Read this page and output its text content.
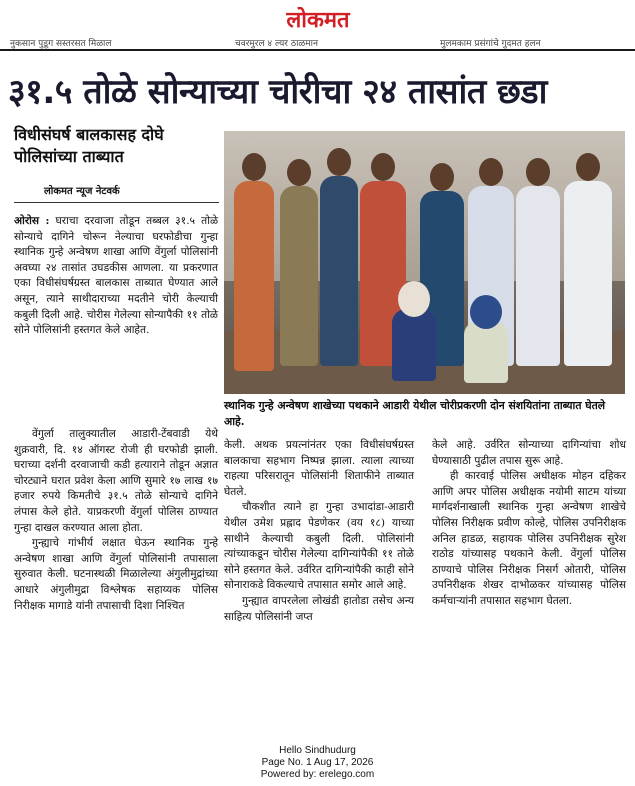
लोकमत
नुकसान पुडूग सस्तरसत मिळाल	चवरमुरल ४ ल्यर ठाळमान	मुलमकाम प्रसंगांचे गुदमत हलन
३१.५ तोळे सोन्याच्या चोरीचा २४ तासांत छडा
विधीसंघर्ष बालकासह दोघे पोलिसांच्या ताब्यात
लोकमत न्यूज नेटवर्क

ओरोस : घराचा दरवाजा तोडून तब्बल ३१.५ तोळे सोन्याचे दागिने चोरून नेल्याचा घरफोडीचा गुन्हा स्थानिक गुन्हे अन्वेषण शाखा आणि वेंगुर्ला पोलिसांनी अवघ्या २४ तासांत उघडकीस आणला. या प्रकरणात एका विधीसंघर्षग्रस्त बालकास ताब्यात घेण्यात आले असून, त्याने साथीदाराच्या मदतीने चोरी केल्याची कबुली दिली आहे. चोरीस गेलेल्या सोन्यापैकी ११ तोळे सोने पोलिसांनी हस्तगत केले आहेत.

वेंगुर्ला तालुक्यातील आडारी-टेंबवाडी येथे शुक्रवारी, दि. १४ ऑगस्ट रोजी ही घरफोडी झाली. घराच्या दर्शनी दरवाजाची कडी हत्याराने तोडून अज्ञात चोरट्याने घरात प्रवेश केला आणि सुमारे १७ लाख १७ हजार रुपये किमतीचे ३१.५ तोळे सोन्याचे दागिने लंपास केले होते. याप्रकरणी वेंगुर्ला पोलिस ठाण्यात गुन्हा दाखल करण्यात आला होता.

गुन्ह्याचे गांभीर्य लक्षात घेऊन स्थानिक गुन्हे अन्वेषण शाखा आणि वेंगुर्ला पोलिसांनी तपासाला सुरुवात केली. घटनास्थळी मिळालेल्या अंगुलीमुद्रांच्या आधारे अंगुलीमुद्रा विश्लेषक सहाय्यक पोलिस निरीक्षक मागाडे यांनी तपासाची दिशा निश्चित

स्थानिक गुन्हे अन्वेषण शाखेच्या पथकाने आडारी येथील चोरीप्रकरणी दोन संशयितांना ताब्यात घेतले आहे.

केली. अथक प्रयत्नांनंतर एका विधीसंघर्षग्रस्त बालकाचा सहभाग निष्पन्न झाला. त्याला त्याच्या राहत्या परिसरातून पोलिसांनी शिताफीने ताब्यात घेतले.

चौकशीत त्याने हा गुन्हा उभादांडा-आडारी येथील उमेश प्रह्लाद पेडणेकर (वय १८) याच्या साथीने केल्याची कबुली दिली. पोलिसांनी त्यांच्याकडून चोरीस गेलेल्या दागिन्यांपैकी ११ तोळे सोने हस्तगत केले. उर्वरित दागिन्यांपैकी काही सोने सोनाराकडे विकल्याचे तपासात समोर आले आहे.

गुन्ह्यात वापरलेला लोखंडी हातोडा तसेच अन्य साहित्य पोलिसांनी जप्त

केले आहे. उर्वरित सोन्याच्या दागिन्यांचा शोध घेण्यासाठी पुढील तपास सुरू आहे.

ही कारवाई पोलिस अधीक्षक मोहन दहिकर आणि अपर पोलिस अधीक्षक नयोमी साटम यांच्या मार्गदर्शनाखाली स्थानिक गुन्हा अन्वेषण शाखेचे पोलिस निरीक्षक प्रवीण कोल्हे, पोलिस उपनिरीक्षक अनिल हाडळ, सहायक पोलिस उपनिरीक्षक सुरेश राठोड यांच्यासह पथकाने केली. वेंगुर्ला पोलिस ठाण्याचे पोलिस निरीक्षक निसर्ग ओतारी, पोलिस उपनिरीक्षक शेखर दाभोळकर यांच्यासह पोलिस कर्मचाऱ्यांनी तपासात सहभाग घेतला.

Hello Sindhudurg
Page No. 1 Aug 17, 2026
Powered by: erelego.com
